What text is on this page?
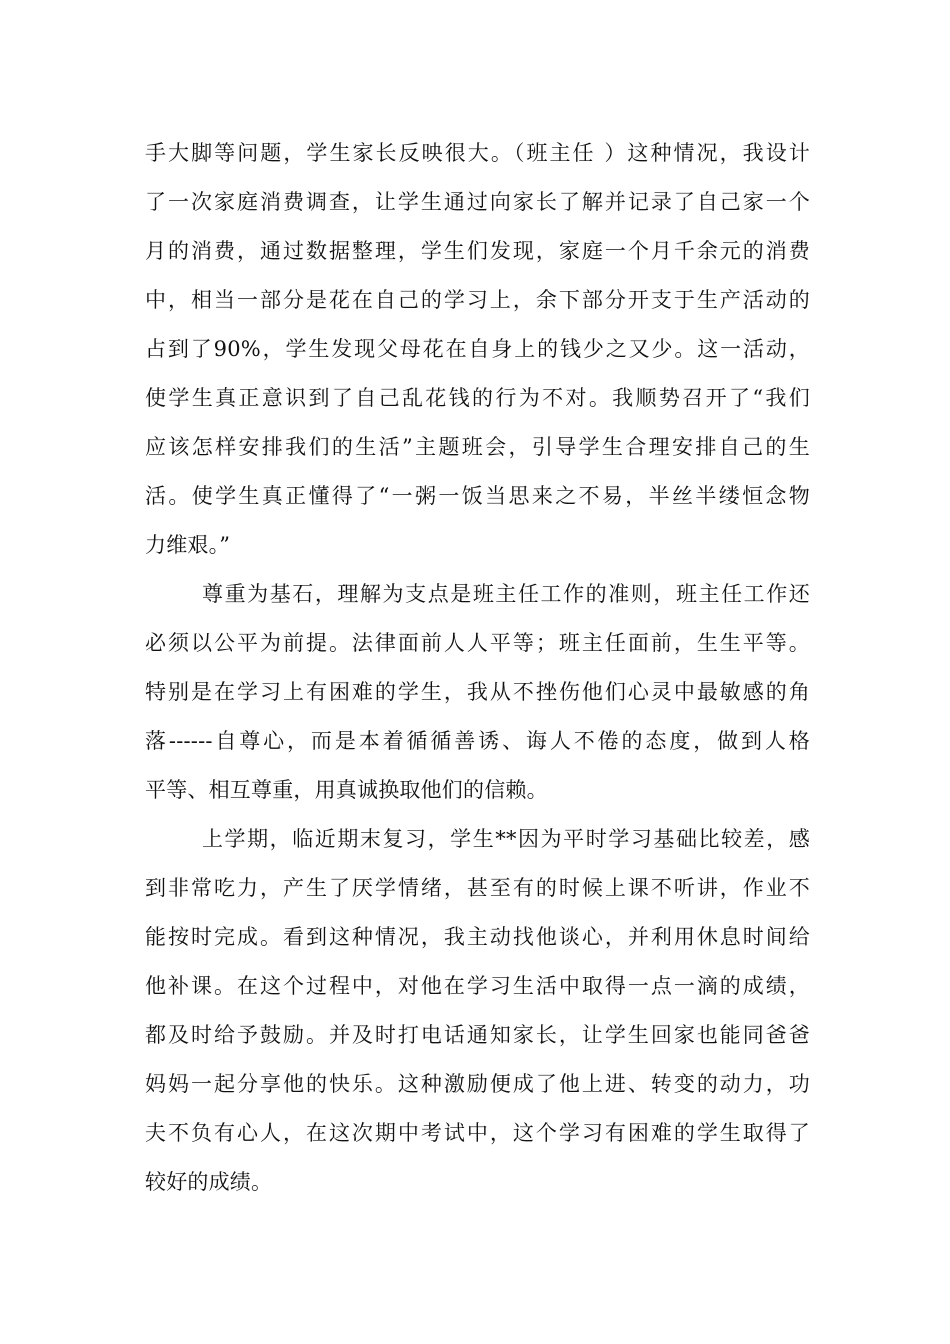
手大脚等问题，学生家长反映很大。（班主任 ）这种情况，我设计
了一次家庭消费调查，让学生通过向家长了解并记录了自己家一个
月的消费，通过数据整理，学生们发现，家庭一个月千余元的消费
中，相当一部分是花在自己的学习上，余下部分开支于生产活动的
占到了90%，学生发现父母花在自身上的钱少之又少。这一活动，
使学生真正意识到了自己乱花钱的行为不对。我顺势召开了“我们
应该怎样安排我们的生活”主题班会，引导学生合理安排自己的生
活。使学生真正懂得了“一粥一饭当思来之不易，半丝半缕恒念物
力维艰。”
尊重为基石，理解为支点是班主任工作的准则，班主任工作还
必须以公平为前提。法律面前人人平等；班主任面前，生生平等。
特别是在学习上有困难的学生，我从不挫伤他们心灵中最敏感的角
落------自尊心，而是本着循循善诱、诲人不倦的态度，做到人格
平等、相互尊重，用真诚换取他们的信赖。
上学期，临近期末复习，学生**因为平时学习基础比较差，感
到非常吃力，产生了厌学情绪，甚至有的时候上课不听讲，作业不
能按时完成。看到这种情况，我主动找他谈心，并利用休息时间给
他补课。在这个过程中，对他在学习生活中取得一点一滴的成绩，
都及时给予鼓励。并及时打电话通知家长，让学生回家也能同爸爸
妈妈一起分享他的快乐。这种激励便成了他上进、转变的动力，功
夫不负有心人，在这次期中考试中，这个学习有困难的学生取得了
较好的成绩。
